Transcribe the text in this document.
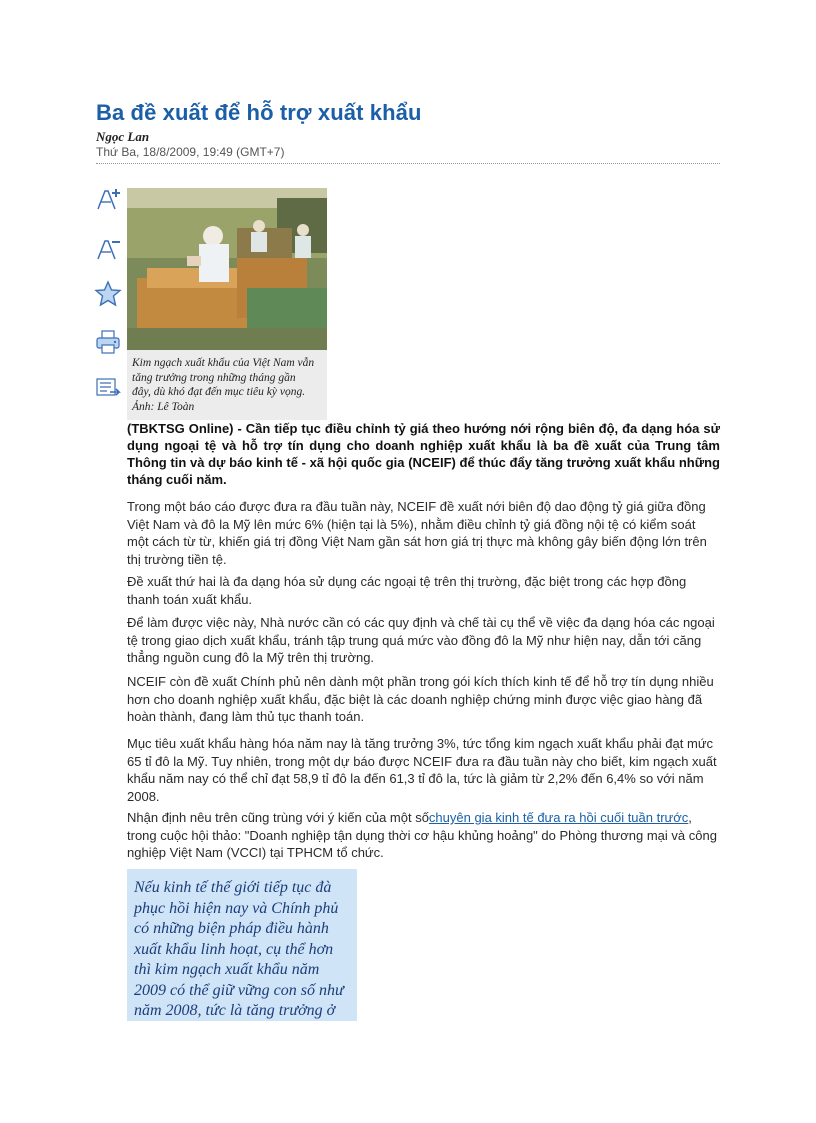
Ba đề xuất để hỗ trợ xuất khẩu
Ngọc Lan
Thứ Ba, 18/8/2009, 19:49 (GMT+7)

Kim ngạch xuất khẩu của Việt Nam vẫn tăng trưởng trong những tháng gần đây, dù khó đạt đến mục tiêu kỳ vọng. Ảnh: Lê Toàn

(TBKTSG Online) - Cần tiếp tục điều chỉnh tỷ giá theo hướng nới rộng biên độ, đa dạng hóa sử dụng ngoại tệ và hỗ trợ tín dụng cho doanh nghiệp xuất khẩu là ba đề xuất của Trung tâm Thông tin và dự báo kinh tế - xã hội quốc gia (NCEIF) để thúc đẩy tăng trưởng xuất khẩu những tháng cuối năm.

Trong một báo cáo được đưa ra đầu tuần này, NCEIF đề xuất nới biên độ dao động tỷ giá giữa đồng Việt Nam và đô la Mỹ lên mức 6% (hiện tại là 5%), nhằm điều chỉnh tỷ giá đồng nội tệ có kiểm soát một cách từ từ, khiến giá trị đồng Việt Nam gần sát hơn giá trị thực mà không gây biến động lớn trên thị trường tiền tệ.

Đề xuất thứ hai là đa dạng hóa sử dụng các ngoại tệ trên thị trường, đặc biệt trong các hợp đồng thanh toán xuất khẩu.

Để làm được việc này, Nhà nước cần có các quy định và chế tài cụ thể về việc đa dạng hóa các ngoại tệ trong giao dịch xuất khẩu, tránh tập trung quá mức vào đồng đô la Mỹ như hiện nay, dẫn tới căng thẳng nguồn cung đô la Mỹ trên thị trường.

NCEIF còn đề xuất Chính phủ nên dành một phần trong gói kích thích kinh tế để hỗ trợ tín dụng nhiều hơn cho doanh nghiệp xuất khẩu, đặc biệt là các doanh nghiệp chứng minh được việc giao hàng đã hoàn thành, đang làm thủ tục thanh toán.

Mục tiêu xuất khẩu hàng hóa năm nay là tăng trưởng 3%, tức tổng kim ngạch xuất khẩu phải đạt mức 65 tỉ đô la Mỹ. Tuy nhiên, trong một dự báo được NCEIF đưa ra đầu tuần này cho biết, kim ngạch xuất khẩu năm nay có thể chỉ đạt 58,9 tỉ đô la đến 61,3 tỉ đô la, tức là giảm từ 2,2% đến 6,4% so với năm 2008.

Nhận định nêu trên cũng trùng với ý kiến của một sốchuyên gia kinh tế đưa ra hồi cuối tuần trước, trong cuộc hội thảo: "Doanh nghiệp tận dụng thời cơ hậu khủng hoảng" do Phòng thương mại và công nghiệp Việt Nam (VCCI) tại TPHCM tổ chức.

Nếu kinh tế thế giới tiếp tục đà phục hồi hiện nay và Chính phủ có những biện pháp điều hành xuất khẩu linh hoạt, cụ thể hơn thì kim ngạch xuất khẩu năm 2009 có thể giữ vững con số như năm 2008, tức là tăng trưởng ở
